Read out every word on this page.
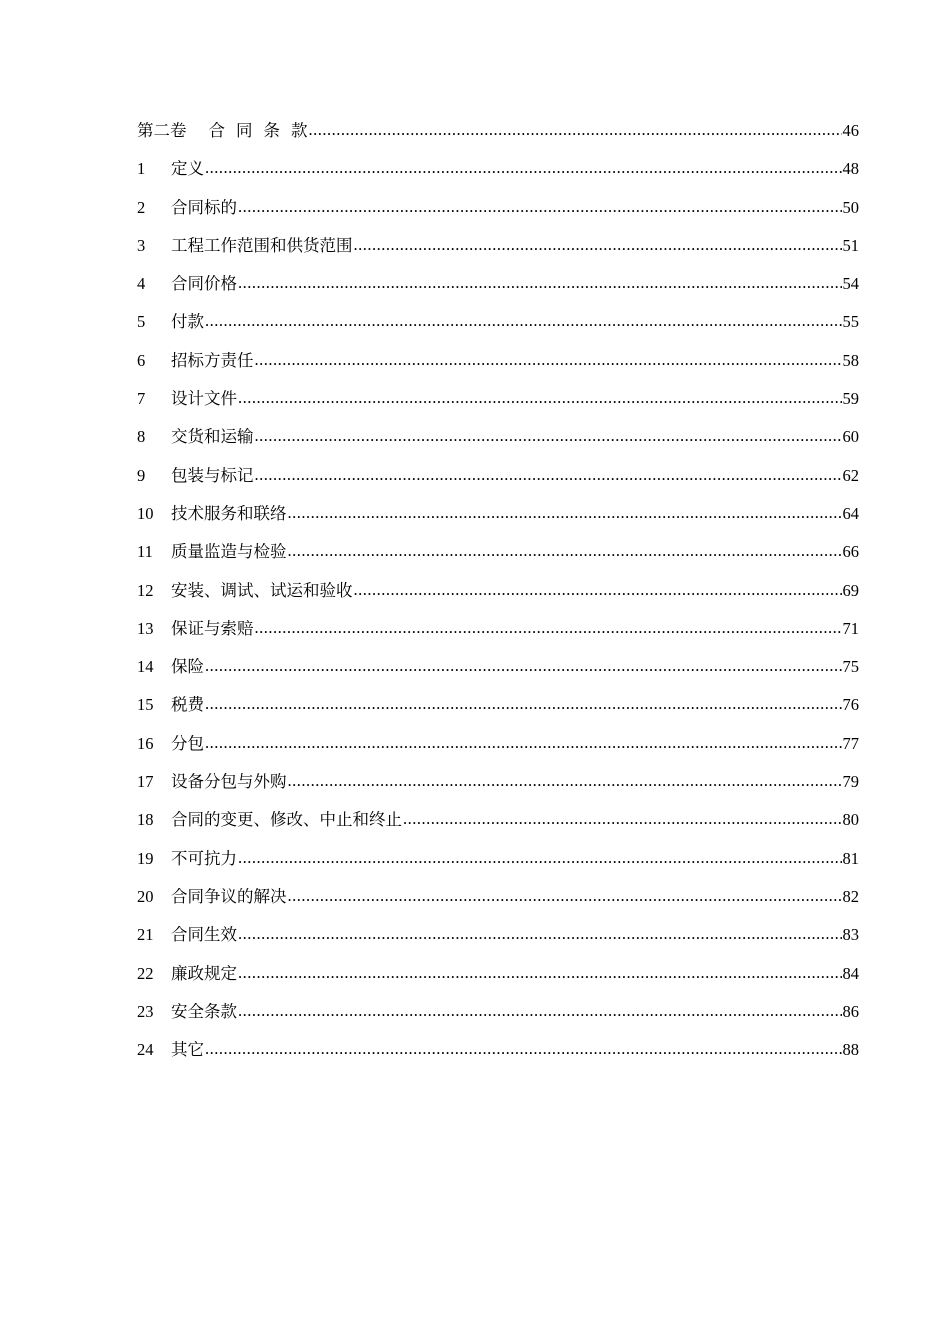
第二卷 合 同 条 款 .....	46
1	定义 .....	48
2	合同标的 .....	50
3	工程工作范围和供货范围 .....	51
4	合同价格 .....	54
5	付款 .....	55
6	招标方责任 .....	58
7	设计文件 .....	59
8	交货和运输 .....	60
9	包装与标记 .....	62
10	技术服务和联络 .....	64
11	质量监造与检验 .....	66
12	安装、调试、试运和验收 .....	69
13	保证与索赔 .....	71
14	保险 .....	75
15	税费 .....	76
16	分包 .....	77
17	设备分包与外购 .....	79
18	合同的变更、修改、中止和终止 .....	80
19	不可抗力 .....	81
20	合同争议的解决 .....	82
21	合同生效 .....	83
22	廉政规定 .....	84
23	安全条款 .....	86
24	其它 .....	88
